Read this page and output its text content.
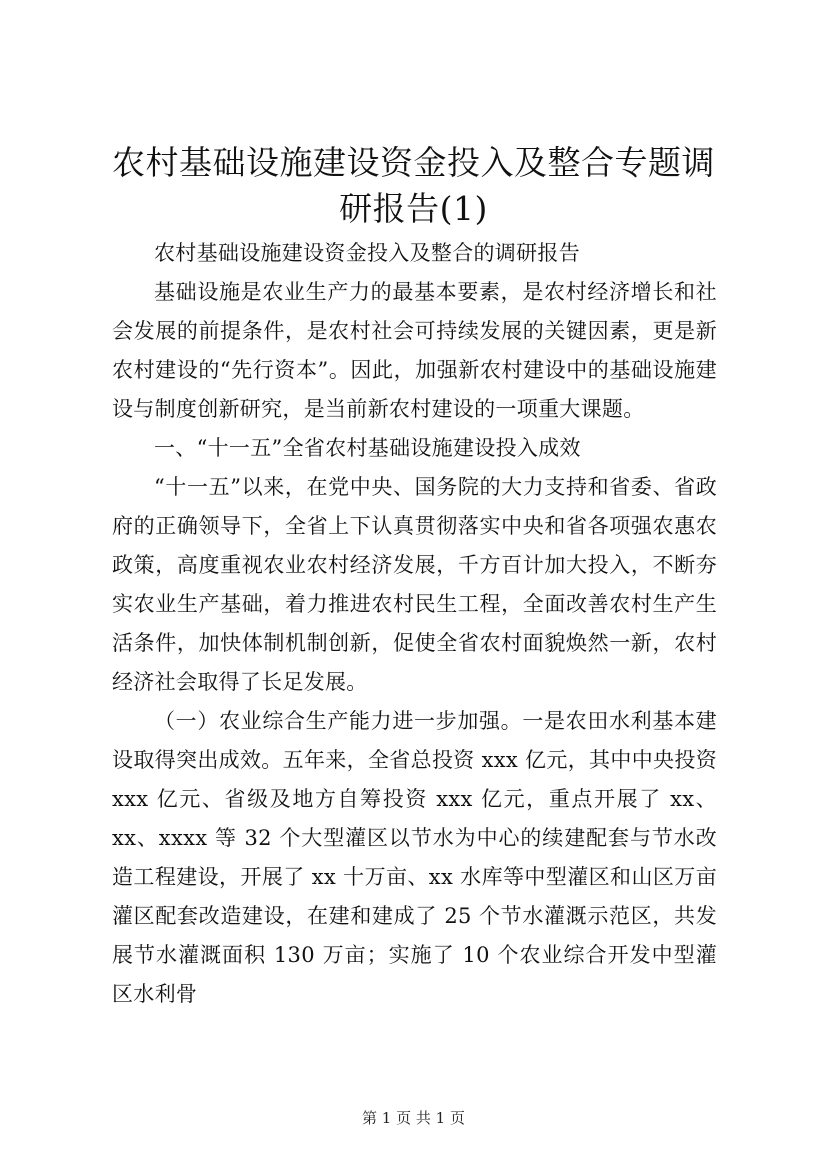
农村基础设施建设资金投入及整合专题调研报告(1)

农村基础设施建设资金投入及整合的调研报告

基础设施是农业生产力的最基本要素，是农村经济增长和社会发展的前提条件，是农村社会可持续发展的关键因素，更是新农村建设的“先行资本”。因此，加强新农村建设中的基础设施建设与制度创新研究，是当前新农村建设的一项重大课题。

一、“十一五”全省农村基础设施建设投入成效

“十一五”以来，在党中央、国务院的大力支持和省委、省政府的正确领导下，全省上下认真贯彻落实中央和省各项强农惠农政策，高度重视农业农村经济发展，千方百计加大投入，不断夯实农业生产基础，着力推进农村民生工程，全面改善农村生产生活条件，加快体制机制创新，促使全省农村面貌焕然一新，农村经济社会取得了长足发展。

（一）农业综合生产能力进一步加强。一是农田水利基本建设取得突出成效。五年来，全省总投资 xxx 亿元，其中中央投资 xxx 亿元、省级及地方自筹投资 xxx 亿元，重点开展了 xx、xx、xxxx 等 32 个大型灌区以节水为中心的续建配套与节水改造工程建设，开展了 xx 十万亩、xx 水库等中型灌区和山区万亩灌区配套改造建设，在建和建成了 25 个节水灌溉示范区，共发展节水灌溉面积 130 万亩；实施了 10 个农业综合开发中型灌区水利骨

第 1 页 共 1 页
